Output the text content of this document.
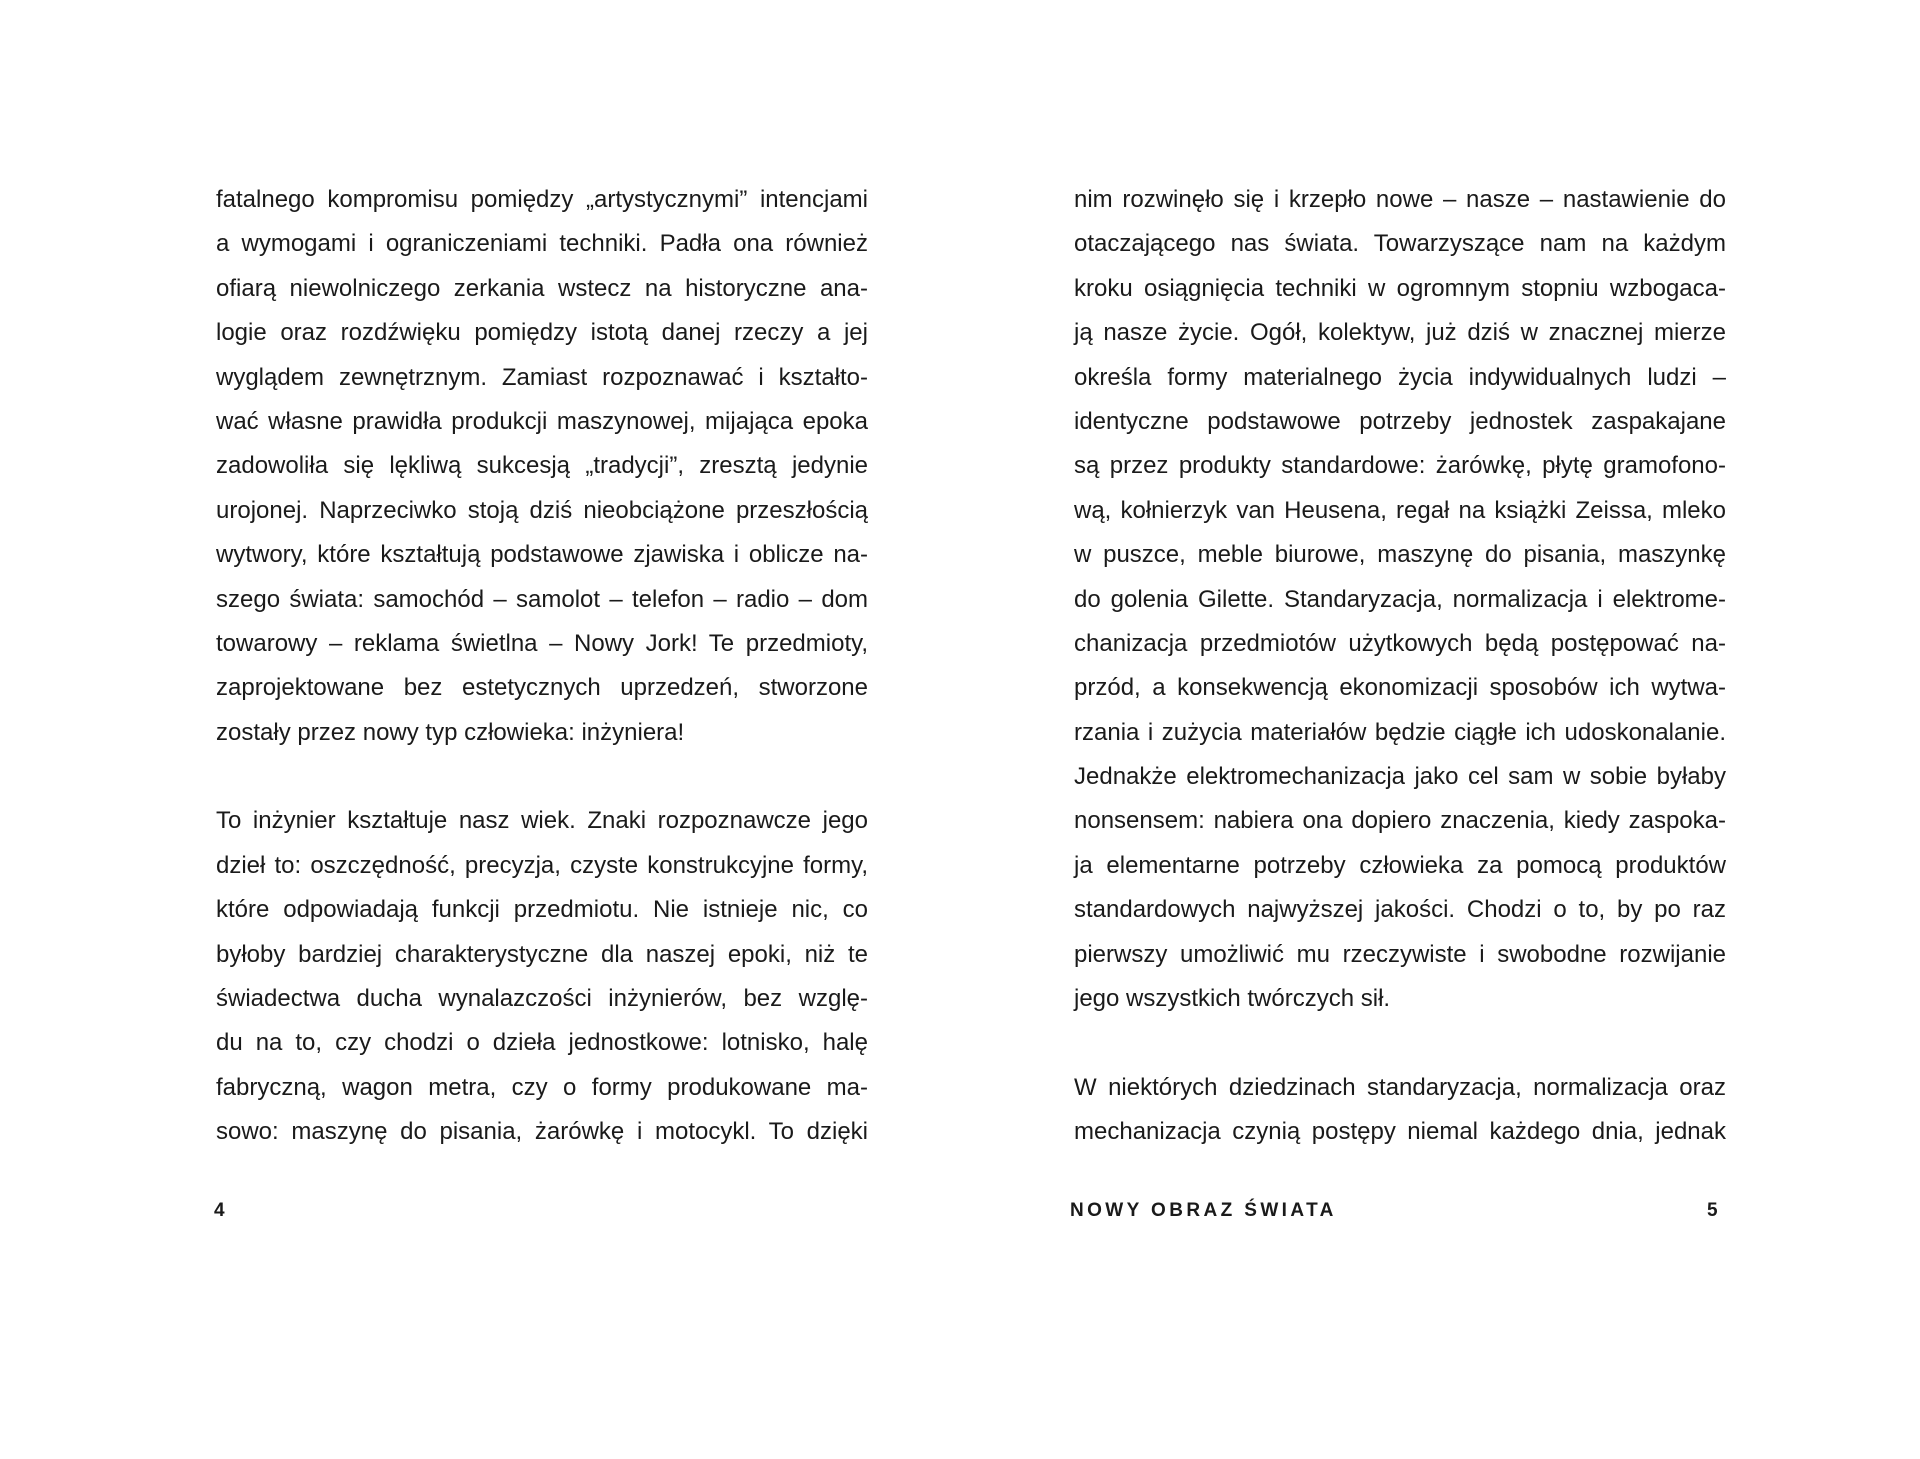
fatalnego kompromisu pomiędzy „artystycznymi” intencjami
a wymogami i ograniczeniami techniki. Padła ona również
ofiarą niewolniczego zerkania wstecz na historyczne ana-
logie oraz rozdźwięku pomiędzy istotą danej rzeczy a jej
wyglądem zewnętrznym. Zamiast rozpoznawać i kształto-
wać własne prawidła produkcji maszynowej, mijająca epoka
zadowoliła się lękliwą sukcesją „tradycji”, zresztą jedynie
urojonej. Naprzeciwko stoją dziś nieobciążone przeszłością
wytwory, które kształtują podstawowe zjawiska i oblicze na-
szego świata: samochód – samolot – telefon – radio – dom
towarowy – reklama świetlna – Nowy Jork! Te przedmioty,
zaprojektowane bez estetycznych uprzedzeń, stworzone
zostały przez nowy typ człowieka: inżyniera!
To inżynier kształtuje nasz wiek. Znaki rozpoznawcze jego
dzieł to: oszczędność, precyzja, czyste konstrukcyjne formy,
które odpowiadają funkcji przedmiotu. Nie istnieje nic, co
byłoby bardziej charakterystyczne dla naszej epoki, niż te
świadectwa ducha wynalazczości inżynierów, bez wzglę-
du na to, czy chodzi o dzieła jednostkowe: lotnisko, halę
fabryczną, wagon metra, czy o formy produkowane ma-
sowo: maszynę do pisania, żarówkę i motocykl. To dzięki
4
nim rozwinęło się i krzepło nowe – nasze – nastawienie do
otaczającego nas świata. Towarzyszące nam na każdym
kroku osiągnięcia techniki w ogromnym stopniu wzbogaca-
ją nasze życie. Ogół, kolektyw, już dziś w znacznej mierze
określa formy materialnego życia indywidualnych ludzi –
identyczne podstawowe potrzeby jednostek zaspakajane
są przez produkty standardowe: żarówkę, płytę gramofono-
wą, kołnierzyk van Heusena, regał na książki Zeissa, mleko
w puszce, meble biurowe, maszynę do pisania, maszynkę
do golenia Gilette. Standaryzacja, normalizacja i elektrome-
chanizacja przedmiotów użytkowych będą postępować na-
przód, a konsekwencją ekonomizacji sposobów ich wytwa-
rzania i zużycia materiałów będzie ciągłe ich udoskonalanie.
Jednakże elektromechanizacja jako cel sam w sobie byłaby
nonsensem: nabiera ona dopiero znaczenia, kiedy zaspoka-
ja elementarne potrzeby człowieka za pomocą produktów
standardowych najwyższej jakości. Chodzi o to, by po raz
pierwszy umożliwić mu rzeczywiste i swobodne rozwijanie
jego wszystkich twórczych sił.
W niektórych dziedzinach standaryzacja, normalizacja oraz
mechanizacja czynią postępy niemal każdego dnia, jednak
NOWY OBRAZ ŚWIATA	5
